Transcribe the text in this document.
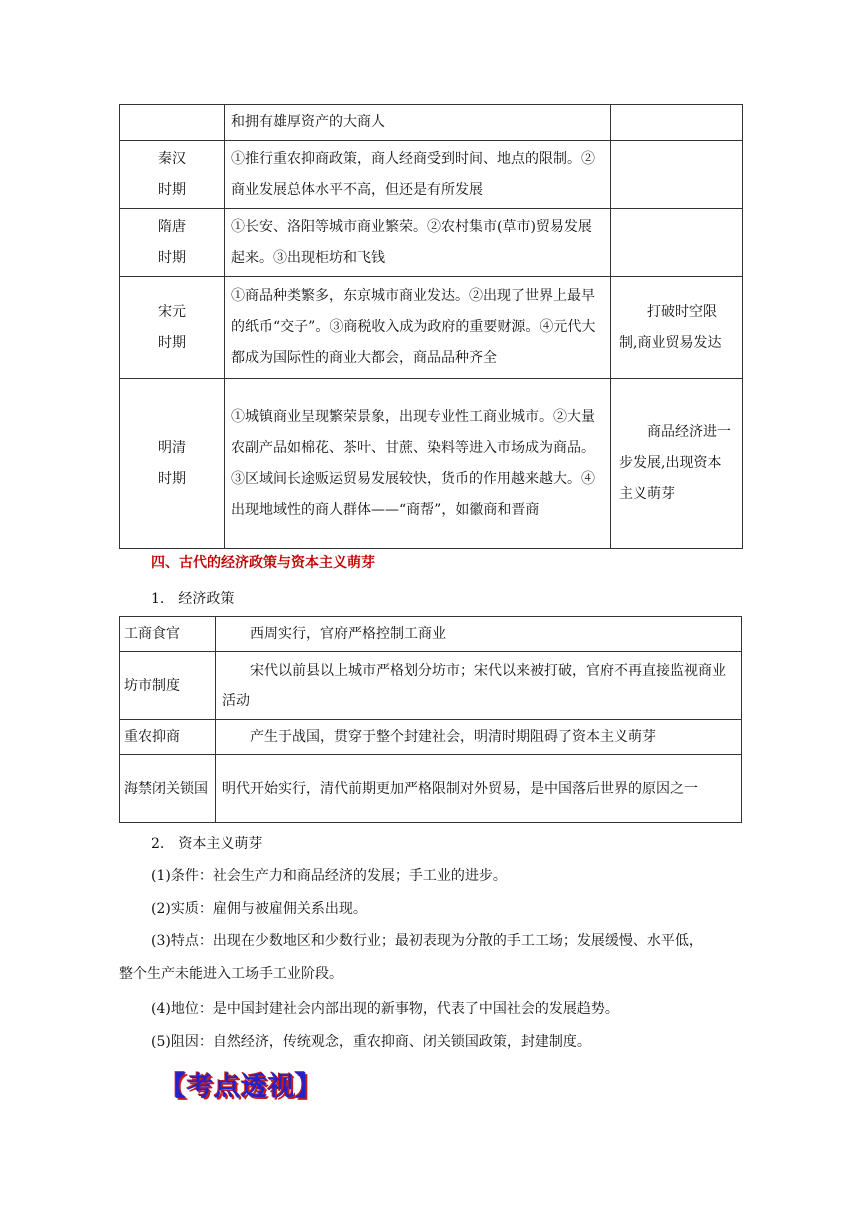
	和拥有雄厚资产的大商人	

秦汉
时期	①推行重农抑商政策，商人经商受到时间、地点的限制。②商业发展总体水平不高，但还是有所发展	

隋唐
时期	①长安、洛阳等城市商业繁荣。②农村集市(草市)贸易发展起来。③出现柜坊和飞钱	

宋元
时期	①商品种类繁多，东京城市商业发达。②出现了世界上最早的纸币“交子”。③商税收入成为政府的重要财源。④元代大都成为国际性的商业大都会，商品品种齐全	打破时空限制,商业贸易发达

明清
时期	①城镇商业呈现繁荣景象，出现专业性工商业城市。②大量农副产品如棉花、茶叶、甘蔗、染料等进入市场成为商品。③区域间长途贩运贸易发展较快，货币的作用越来越大。④出现地域性的商人群体——“商帮”，如徽商和晋商	商品经济进一步发展,出现资本主义萌芽
四、古代的经济政策与资本主义萌芽
1.　经济政策
工商食官	西周实行，官府严格控制工商业
坊市制度	宋代以前县以上城市严格划分坊市；宋代以来被打破，官府不再直接监视商业活动
重农抑商	产生于战国，贯穿于整个封建社会，明清时期阻碍了资本主义萌芽
海禁闭关锁国	明代开始实行，清代前期更加严格限制对外贸易，是中国落后世界的原因之一
2.　资本主义萌芽
(1)条件：社会生产力和商品经济的发展；手工业的进步。
(2)实质：雇佣与被雇佣关系出现。
(3)特点：出现在少数地区和少数行业；最初表现为分散的手工工场；发展缓慢、水平低，整个生产未能进入工场手工业阶段。
(4)地位：是中国封建社会内部出现的新事物，代表了中国社会的发展趋势。
(5)阻因：自然经济，传统观念，重农抑商、闭关锁国政策，封建制度。
【考点透视】
